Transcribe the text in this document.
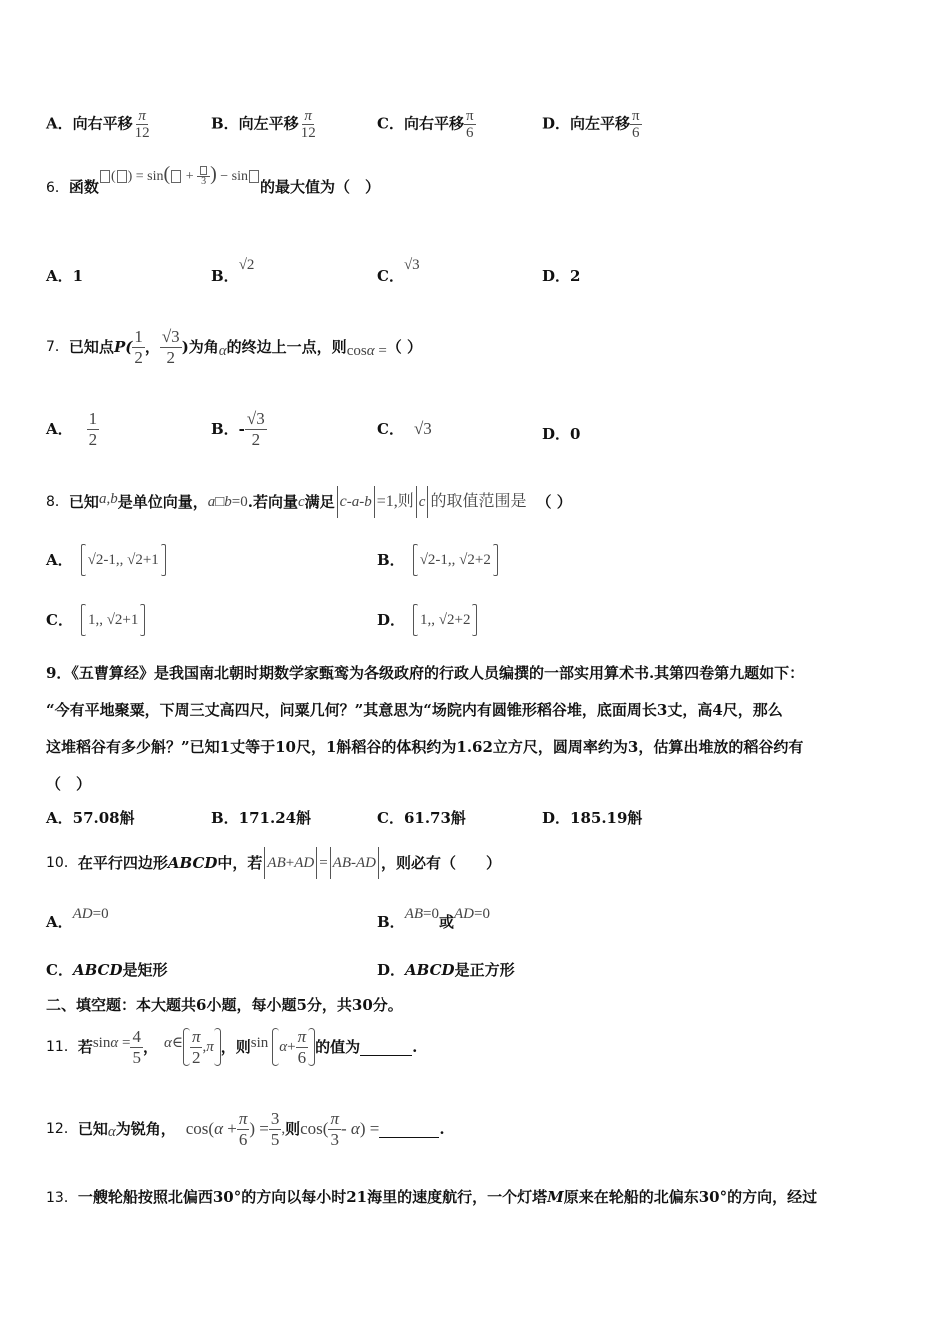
A．向右平移 $\frac{\pi}{12}$	B．向左平移 $\frac{\pi}{12}$	C．向右平移 $\frac{\pi}{6}$	D．向左平移 $\frac{\pi}{6}$
6．函数( ) = sin( + 3 ) − sin的最大值为（　）
A．1	B．√2
C．√3
D．2
7． 已知点 $P( \frac{1}{2}$ ， $\frac{√3}{2}$ )为角 α 的终边上一点，则 cosα = （ ）
A． $\frac{1}{2}$	B．- $\frac{√3}{2}$	C． √3	D．0
8． 已知 a , b 是单位向量， a □ b =0 .若向量 c 满足 c - a - b =1,则 c 的取值范围是 （ ）
A． √2-1,, √2+1	B． √2-1,, √2+2
C． 1,, √2+1	D． 1,, √2+2
9．《五曹算经》是我国南北朝时期数学家甄鸾为各级政府的行政人员编撰的一部实用算术书.其第四卷第九题如下：
“今有平地聚粟，下周三丈高四尺，问粟几何？”其意思为“场院内有圆锥形稻谷堆，底面周长3丈，高4尺，那么
这堆稻谷有多少斛？”已知1丈等于10尺，1斛稻谷的体积约为1.62立方尺，圆周率约为3，估算出堆放的稻谷约有
（　）
A．57.08斛	B．171.24斛	C．61.73斛	D．185.19斛
10． 在平行四边形 ABCD 中，若 AB + AD = AB - AD ，则必有（　　）
A． AD =0	B． AB =0 或 AD =0
C．ABCD是矩形	D．ABCD是正方形
二、填空题：本大题共6小题，每小题5分，共30分。
11． 若 $\sin\alpha = \frac{4}{5}$ ， α ∈ $\frac{\pi}{2}$ , π ，则 $\sin \alpha + \frac{\pi}{6}$ 的值为	.
12． 已知 α 为锐角， $\cos(\alpha + \frac{\pi}{6}$ ) = $\frac{3}{5}$ , 则 $\cos( \frac{\pi}{3} - \alpha)$ =	.
13．一艘轮船按照北偏西30°的方向以每小时21海里的速度航行，一个灯塔M原来在轮船的北偏东30°的方向，经过
